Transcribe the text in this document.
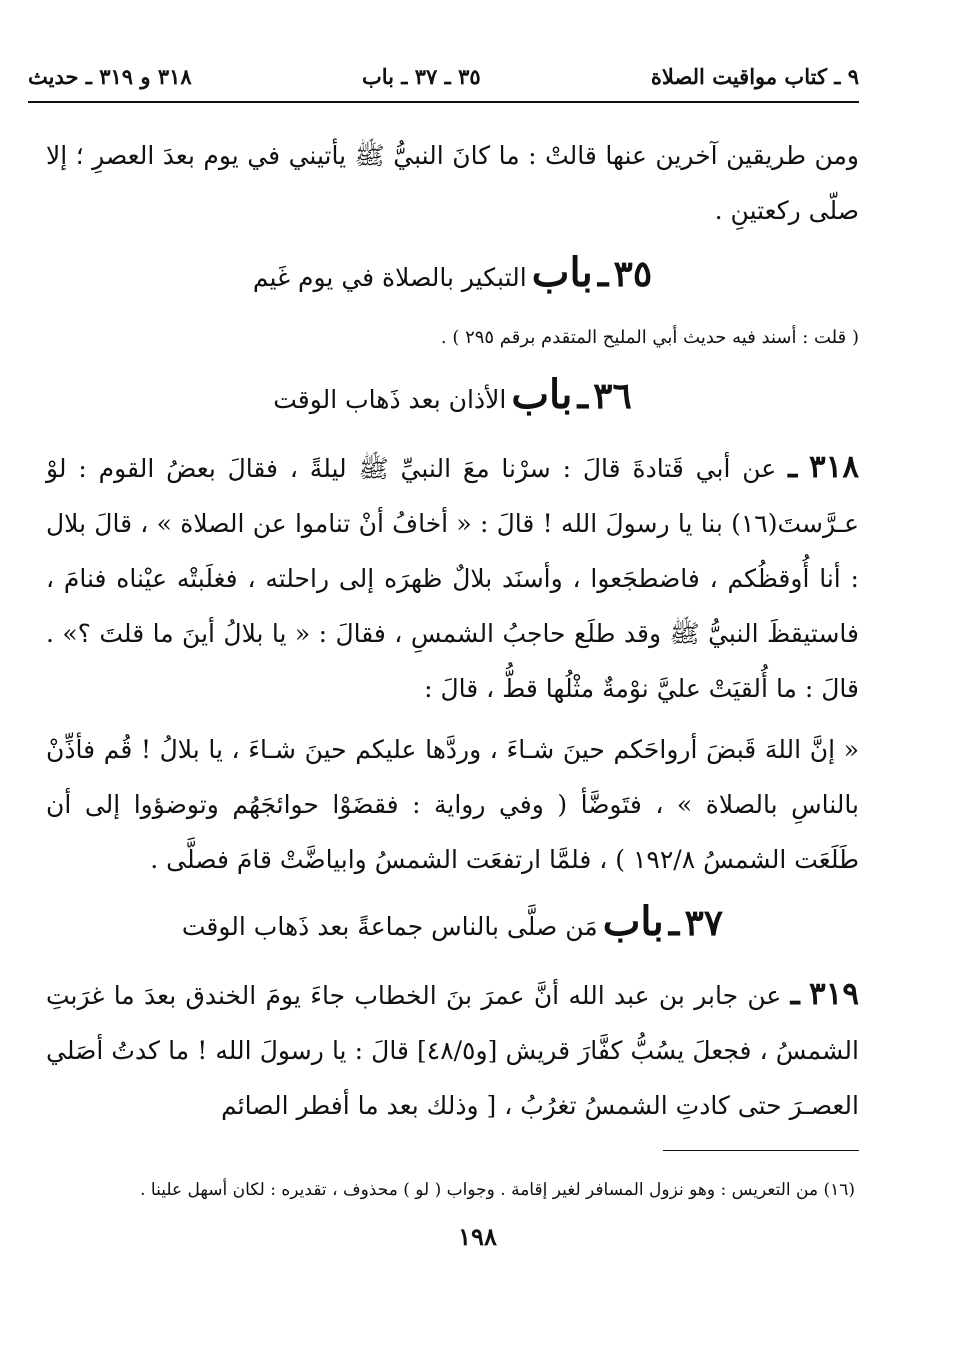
٩ ـ كتاب مواقيت الصلاة
٣٥ ـ ٣٧ ـ باب
٣١٨ و ٣١٩ ـ حديث

ومن طريقين آخرين عنها قالتْ : ما كانَ النبيُّ ﷺ يأتيني في يوم بعدَ العصرِ ؛ إلا صلّى ركعتينِ .

٣٥ ـ باب التبكير بالصلاة في يوم غَيم

( قلت : أسند فيه حديث أبي المليح المتقدم برقم ٢٩٥ ) .

٣٦ ـ باب الأذان بعد ذَهاب الوقت

٣١٨ ـ عن أبي قَتادةَ قالَ : سرْنا معَ النبيِّ ﷺ ليلةً ، فقالَ بعضُ القوم : لوْ عـرَّستَ(١٦) بنا يا رسولَ الله ! قالَ : « أخافُ أنْ تناموا عن الصلاة » ، قالَ بلال : أنا أُوقظُكم ، فاضطجَعوا ، وأسنَد بلالٌ ظهرَه إلى راحلته ، فغلَبتْه عيْناه فنامَ ، فاستيقظَ النبيُّ ﷺ وقد طلَع حاجبُ الشمسِ ، فقالَ : « يا بلالُ أينَ ما قلتَ ؟» . قالَ : ما أُلقيَتْ عليَّ نوْمةٌ مثْلُها قطُّ ، قالَ :

« إنَّ اللهَ قَبضَ أرواحَكم حينَ شـاءَ ، وردَّها عليكم حينَ شـاءَ ، يا بلالُ ! قُم فأذِّنْ بالناسِ بالصلاة » ، فتَوضَّأ ( وفي رواية : فقضَوْا حوائجَهُم وتوضؤوا إلى أن طَلَعَت الشمسُ ١٩٢/٨ ) ، فلمَّا ارتفعَت الشمسُ وابياضَّتْ قامَ فصلَّى .

٣٧ ـ باب مَن صلَّى بالناس جماعةً بعد ذَهاب الوقت

٣١٩ ـ عن جابر بن عبد الله أنَّ عمرَ بنَ الخطاب جاءَ يومَ الخندق بعدَ ما غرَبتِ الشمسُ ، فجعلَ يسُبُّ كفَّارَ قريش [و٤٨/٥] قالَ : يا رسولَ الله ! ما كدتُ أصَلي العصـرَ حتى كادتِ الشمسُ تغرُبُ ، [ وذلك بعد ما أفطر الصائم

(١٦) من التعريس : وهو نزول المسافر لغير إقامة . وجواب ( لو ) محذوف ، تقديره : لكان أسهل علينا .

١٩٨
